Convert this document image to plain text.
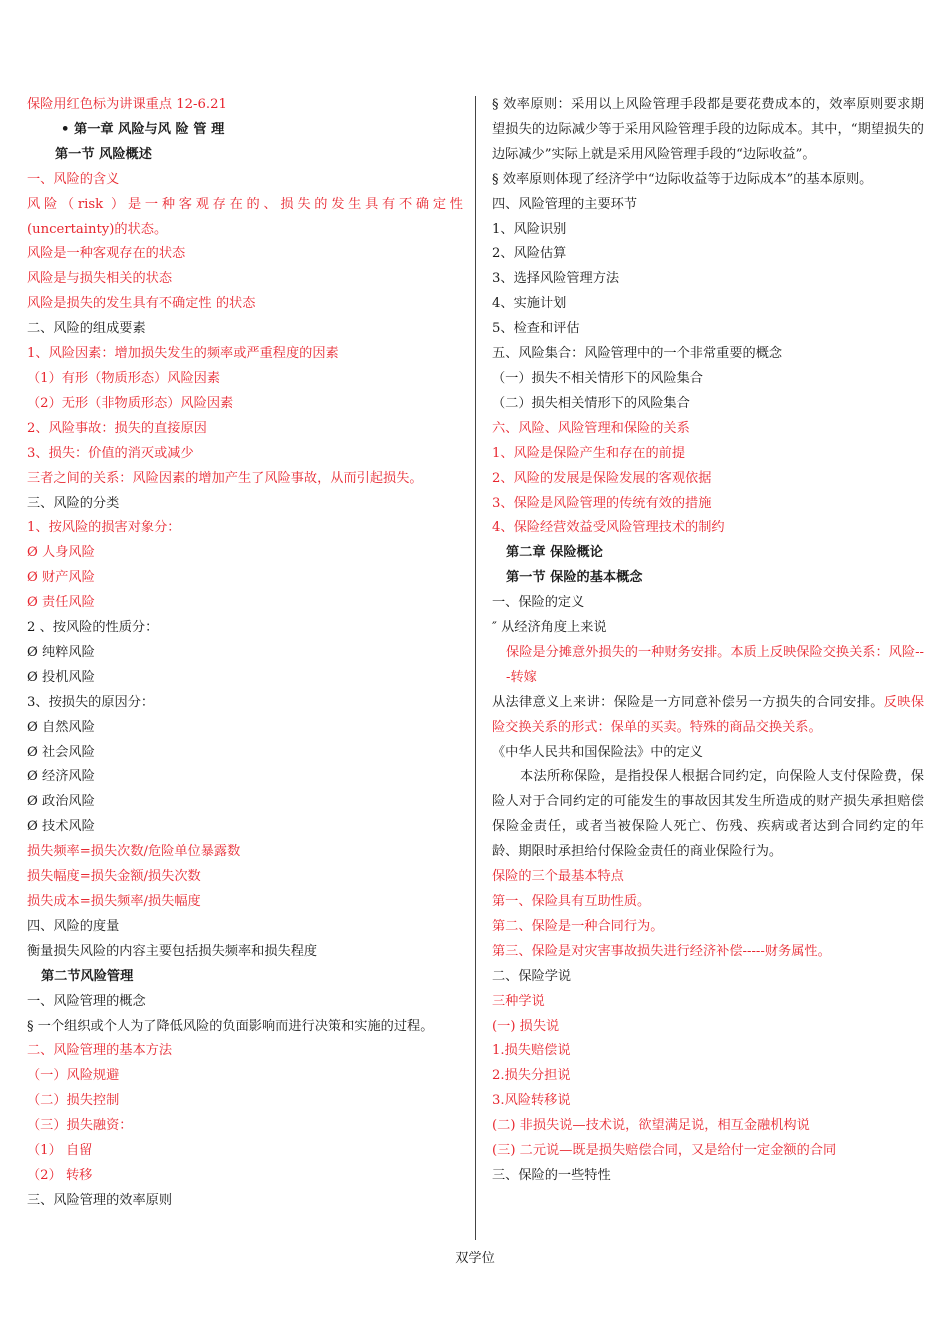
保险用红色标为讲课重点 12-6.21
• 第一章 风险与风 险 管 理
第一节 风险概述
一、风险的含义
风险（risk ）是一种客观存在的、损失的发生具有不确定性 (uncertainty)的状态。
风险是一种客观存在的状态
风险是与损失相关的状态
风险是损失的发生具有不确定性 的状态
二、风险的组成要素
1、风险因素：增加损失发生的频率或严重程度的因素
（1）有形（物质形态）风险因素
（2）无形（非物质形态）风险因素
2、风险事故：损失的直接原因
3、损失：价值的消灭或减少
三者之间的关系：风险因素的增加产生了风险事故，从而引起损失。
三、风险的分类
1、按风险的损害对象分：
Ø 人身风险
Ø 财产风险
Ø 责任风险
2 、按风险的性质分：
Ø 纯粹风险
Ø 投机风险
3、按损失的原因分：
Ø 自然风险
Ø 社会风险
Ø 经济风险
Ø 政治风险
Ø 技术风险
损失频率=损失次数/危险单位暴露数
损失幅度=损失金额/损失次数
损失成本=损失频率/损失幅度
四、风险的度量
衡量损失风险的内容主要包括损失频率和损失程度
第二节风险管理
一、风险管理的概念
§ 一个组织或个人为了降低风险的负面影响而进行决策和实施的过程。
二、风险管理的基本方法
（一）风险规避
（二）损失控制
（三）损失融资：
（1） 自留
（2） 转移
三、风险管理的效率原则
§ 效率原则：采用以上风险管理手段都是要花费成本的，效率原则要求期望损失的边际减少等于采用风险管理手段的边际成本。其中，“期望损失的边际减少”实际上就是采用风险管理手段的“边际收益”。
§ 效率原则体现了经济学中“边际收益等于边际成本”的基本原则。
四、风险管理的主要环节
1、风险识别
2、风险估算
3、选择风险管理方法
4、实施计划
5、检查和评估
五、风险集合：风险管理中的一个非常重要的概念
（一）损失不相关情形下的风险集合
（二）损失相关情形下的风险集合
六、风险、风险管理和保险的关系
1、风险是保险产生和存在的前提
2、风险的发展是保险发展的客观依据
3、保险是风险管理的传统有效的措施
4、保险经营效益受风险管理技术的制约
第二章 保险概论
第一节 保险的基本概念
一、保险的定义
″ 从经济角度上来说
保险是分摊意外损失的一种财务安排。本质上反映保险交换关系：风险---转嫁
从法律意义上来讲：保险是一方同意补偿另一方损失的合同安排。反映保险交换关系的形式：保单的买卖。特殊的商品交换关系。
《中华人民共和国保险法》中的定义
本法所称保险，是指投保人根据合同约定，向保险人支付保险费，保险人对于合同约定的可能发生的事故因其发生所造成的财产损失承担赔偿保险金责任，或者当被保险人死亡、伤残、疾病或者达到合同约定的年龄、期限时承担给付保险金责任的商业保险行为。
保险的三个最基本特点
第一、保险具有互助性质。
第二、保险是一种合同行为。
第三、保险是对灾害事故损失进行经济补偿-----财务属性。
二、保险学说
三种学说
(一) 损失说
1.损失赔偿说
2.损失分担说
3.风险转移说
(二) 非损失说—技术说，欲望满足说，相互金融机构说
(三) 二元说—既是损失赔偿合同，又是给付一定金额的合同
三、保险的一些特性
双学位
